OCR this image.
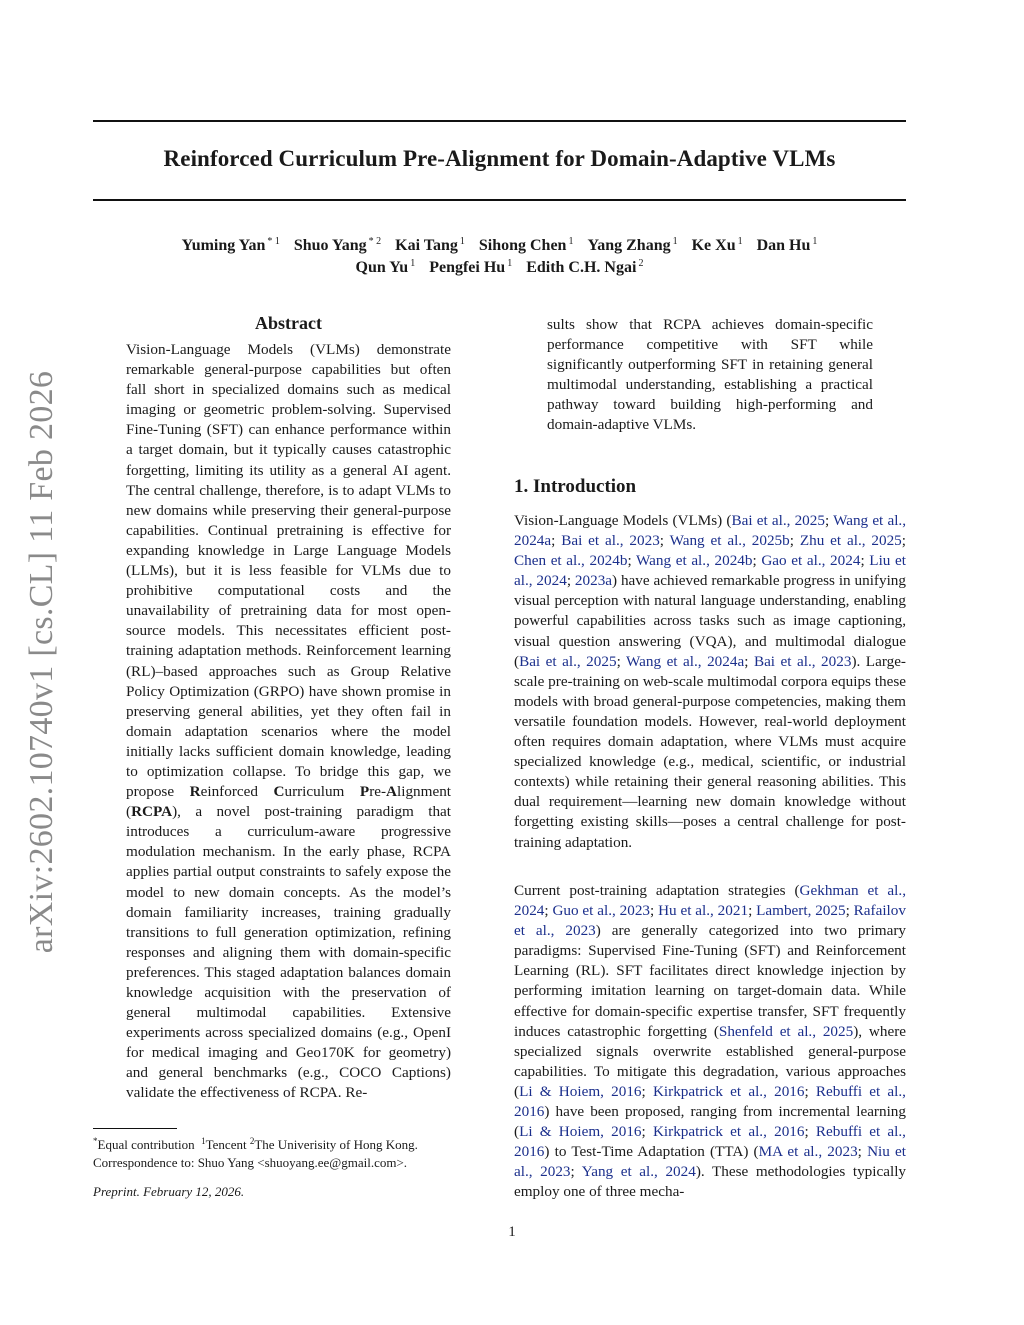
arXiv:2602.10740v1 [cs.CL] 11 Feb 2026
Reinforced Curriculum Pre-Alignment for Domain-Adaptive VLMs
Yuming Yan $^{* 1}$ Shuo Yang $^{* 2}$ Kai Tang $^1$ Sihong Chen $^1$ Yang Zhang $^1$ Ke Xu $^1$ Dan Hu $^1$
Qun Yu $^1$ Pengfei Hu $^1$ Edith C.H. Ngai $^2$
Abstract

Vision-Language Models (VLMs) demonstrate remarkable general-purpose capabilities but often fall short in specialized domains such as medical imaging or geometric problem-solving. Supervised Fine-Tuning (SFT) can enhance performance within a target domain, but it typically causes catastrophic forgetting, limiting its utility as a general AI agent. The central challenge, therefore, is to adapt VLMs to new domains while preserving their general-purpose capabilities. Continual pretraining is effective for expanding knowledge in Large Language Models (LLMs), but it is less feasible for VLMs due to prohibitive computational costs and the unavailability of pretraining data for most open-source models. This necessitates efficient post-training adaptation methods. Reinforcement learning (RL)–based approaches such as Group Relative Policy Optimization (GRPO) have shown promise in preserving general abilities, yet they often fail in domain adaptation scenarios where the model initially lacks sufficient domain knowledge, leading to optimization collapse. To bridge this gap, we propose Reinforced Curriculum Pre-Alignment (RCPA), a novel post-training paradigm that introduces a curriculum-aware progressive modulation mechanism. In the early phase, RCPA applies partial output constraints to safely expose the model to new domain concepts. As the model’s domain familiarity increases, training gradually transitions to full generation optimization, refining responses and aligning them with domain-specific preferences. This staged adaptation balances domain knowledge acquisition with the preservation of general multimodal capabilities. Extensive experiments across specialized domains (e.g., OpenI for medical imaging and Geo170K for geometry) and general benchmarks (e.g., COCO Captions) validate the effectiveness of RCPA. Re-

*Equal contribution $^1$Tencent $^2$The Univerisity of Hong Kong.
Correspondence to: Shuo Yang <shuoyang.ee@gmail.com>.

Preprint. February 12, 2026.

sults show that RCPA achieves domain-specific performance competitive with SFT while significantly outperforming SFT in retaining general multimodal understanding, establishing a practical pathway toward building high-performing and domain-adaptive VLMs.

1. Introduction

Vision-Language Models (VLMs) (Bai et al., 2025; Wang et al., 2024a; Bai et al., 2023; Wang et al., 2025b; Zhu et al., 2025; Chen et al., 2024b; Wang et al., 2024b; Gao et al., 2024; Liu et al., 2024; 2023a) have achieved remarkable progress in unifying visual perception with natural language understanding, enabling powerful capabilities across tasks such as image captioning, visual question answering (VQA), and multimodal dialogue (Bai et al., 2025; Wang et al., 2024a; Bai et al., 2023). Large-scale pre-training on web-scale multimodal corpora equips these models with broad general-purpose competencies, making them versatile foundation models. However, real-world deployment often requires domain adaptation, where VLMs must acquire specialized knowledge (e.g., medical, scientific, or industrial contexts) while retaining their general reasoning abilities. This dual requirement—learning new domain knowledge without forgetting existing skills—poses a central challenge for post-training adaptation.

Current post-training adaptation strategies (Gekhman et al., 2024; Guo et al., 2023; Hu et al., 2021; Lambert, 2025; Rafailov et al., 2023) are generally categorized into two primary paradigms: Supervised Fine-Tuning (SFT) and Reinforcement Learning (RL). SFT facilitates direct knowledge injection by performing imitation learning on target-domain data. While effective for domain-specific expertise transfer, SFT frequently induces catastrophic forgetting (Shenfeld et al., 2025), where specialized signals overwrite established general-purpose capabilities. To mitigate this degradation, various approaches (Li & Hoiem, 2016; Kirkpatrick et al., 2016; Rebuffi et al., 2016) have been proposed, ranging from incremental learning (Li & Hoiem, 2016; Kirkpatrick et al., 2016; Rebuffi et al., 2016) to Test-Time Adaptation (TTA) (MA et al., 2023; Niu et al., 2023; Yang et al., 2024). These methodologies typically employ one of three mecha-

1
